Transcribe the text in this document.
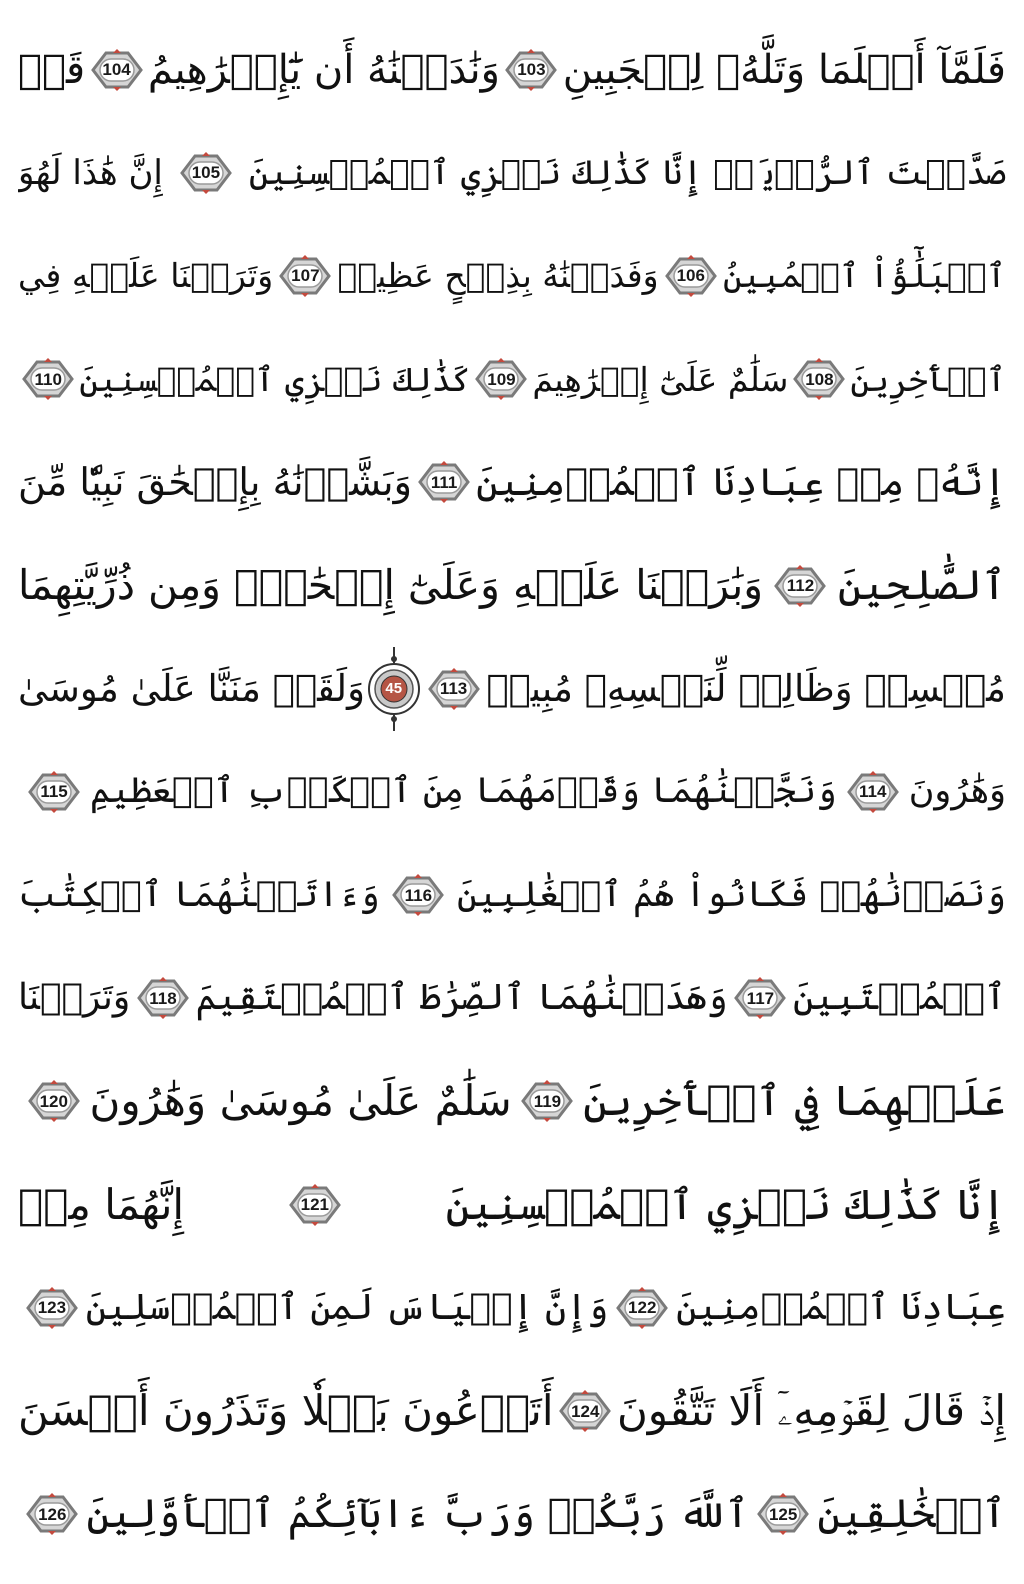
فَلَمَّآ أَسۡلَمَا وَتَلَّهُۥ لِلۡجَبِينِ
103
وَنَٰدَيۡنَٰهُ أَن يَٰٓإِبۡرَٰهِيمُ
104
قَدۡ
صَدَّقۡتَ ٱلرُّءۡيَآۚ إِنَّا كَذَٰلِكَ نَجۡزِي ٱلۡمُحۡسِنِينَ
105
إِنَّ هَٰذَا لَهُوَ
ٱلۡبَلَٰٓؤُاْ ٱلۡمُبِينُ
106
وَفَدَيۡنَٰهُ بِذِبۡحٍ عَظِيمٖ
107
وَتَرَكۡنَا عَلَيۡهِ فِي
ٱلۡأٓخِرِينَ
108
سَلَٰمٌ عَلَىٰٓ إِبۡرَٰهِيمَ
109
كَذَٰلِكَ نَجۡزِي ٱلۡمُحۡسِنِينَ
110
إِنَّهُۥ مِنۡ عِبَادِنَا ٱلۡمُؤۡمِنِينَ
111
وَبَشَّرۡنَٰهُ بِإِسۡحَٰقَ نَبِيّٗا مِّنَ
ٱلصَّٰلِحِينَ
112
وَبَٰرَكۡنَا عَلَيۡهِ وَعَلَىٰٓ إِسۡحَٰقَۚ وَمِن ذُرِّيَّتِهِمَا
مُحۡسِنٞ وَظَالِمٞ لِّنَفۡسِهِۦ مُبِينٞ
113
45
وَلَقَدۡ مَنَنَّا عَلَىٰ مُوسَىٰ
وَهَٰرُونَ
114
وَنَجَّيۡنَٰهُمَا وَقَوۡمَهُمَا مِنَ ٱلۡكَرۡبِ ٱلۡعَظِيمِ
115
وَنَصَرۡنَٰهُمۡ فَكَانُواْ هُمُ ٱلۡغَٰلِبِينَ
116
وَءَاتَيۡنَٰهُمَا ٱلۡكِتَٰبَ
ٱلۡمُسۡتَبِينَ
117
وَهَدَيۡنَٰهُمَا ٱلصِّرَٰطَ ٱلۡمُسۡتَقِيمَ
118
وَتَرَكۡنَا
عَلَيۡهِمَا فِي ٱلۡأٓخِرِينَ
119
سَلَٰمٌ عَلَىٰ مُوسَىٰ وَهَٰرُونَ
120
إِنَّا كَذَٰلِكَ نَجۡزِي ٱلۡمُحۡسِنِينَ
121
إِنَّهُمَا مِنۡ
عِبَادِنَا ٱلۡمُؤۡمِنِينَ
122
وَإِنَّ إِلۡيَاسَ لَمِنَ ٱلۡمُرۡسَلِينَ
123
إِذۡ قَالَ لِقَوۡمِهِۦٓ أَلَا تَتَّقُونَ
124
أَتَدۡعُونَ بَعۡلٗا وَتَذَرُونَ أَحۡسَنَ
ٱلۡخَٰلِقِينَ
125
ٱللَّهَ رَبَّكُمۡ وَرَبَّ ءَابَآئِكُمُ ٱلۡأَوَّلِينَ
126
